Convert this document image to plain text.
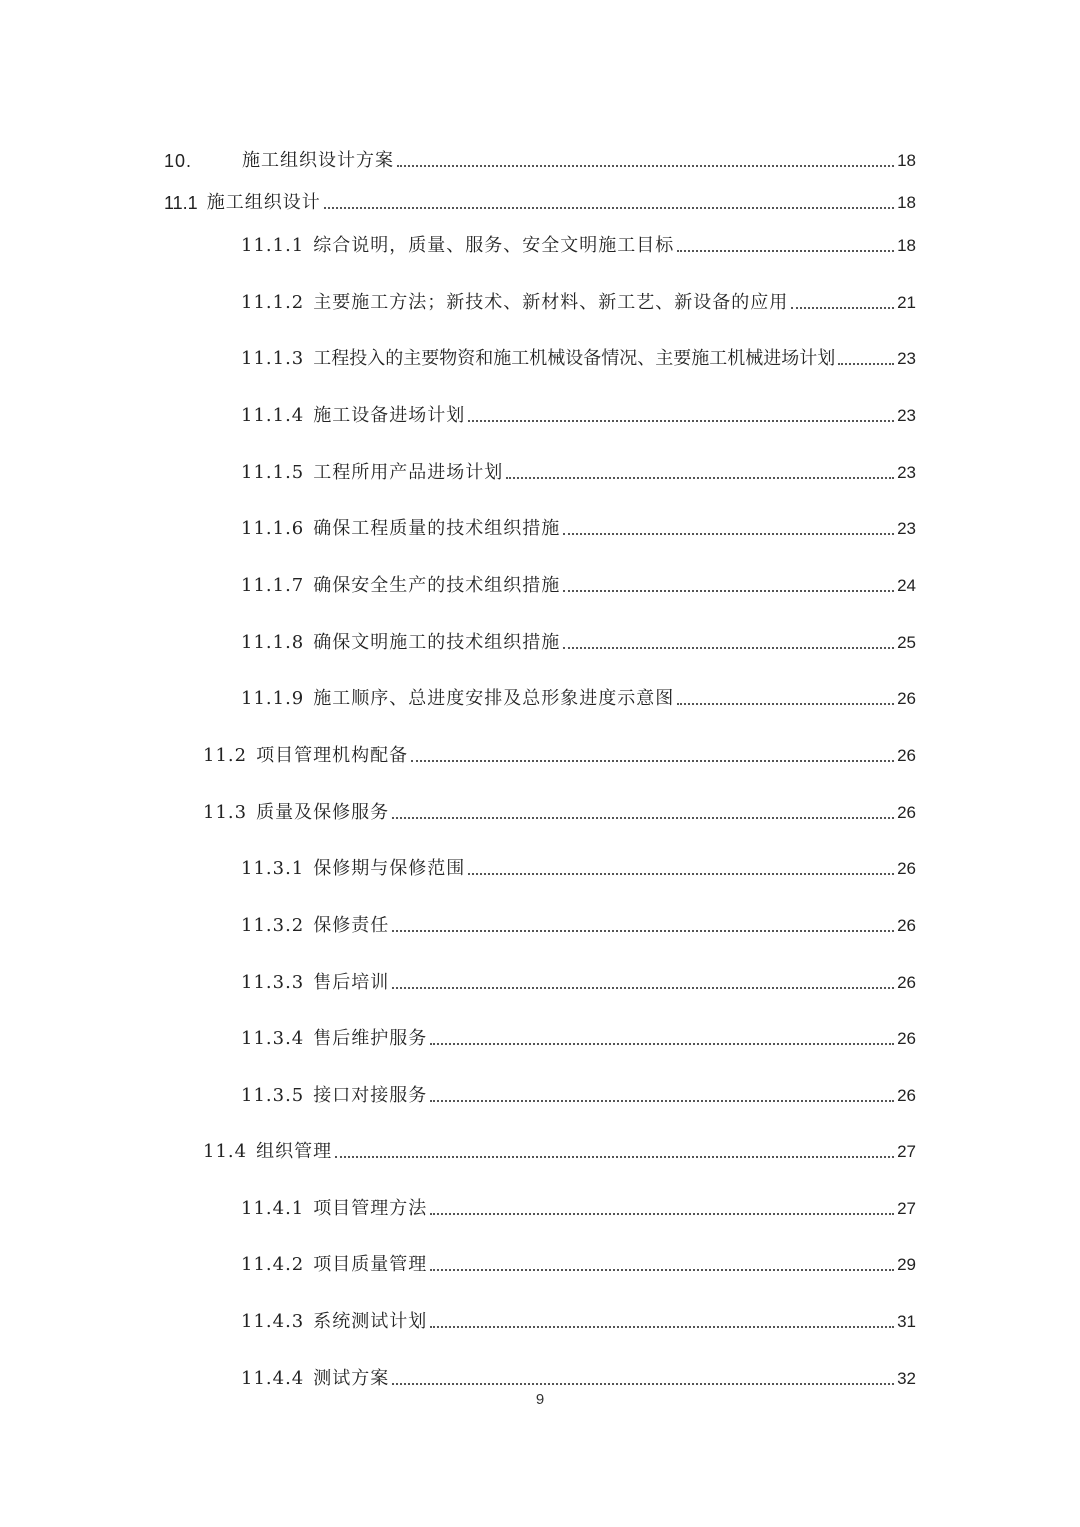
10.	施工组织设计方案	18
11.1 施工组织设计	18
11.1.1 综合说明，质量、服务、安全文明施工目标	18
11.1.2 主要施工方法；新技术、新材料、新工艺、新设备的应用	21
11.1.3 工程投入的主要物资和施工机械设备情况、主要施工机械进场计划	23
11.1.4 施工设备进场计划	23
11.1.5 工程所用产品进场计划	23
11.1.6 确保工程质量的技术组织措施	23
11.1.7 确保安全生产的技术组织措施	24
11.1.8 确保文明施工的技术组织措施	25
11.1.9 施工顺序、总进度安排及总形象进度示意图	26
11.2 项目管理机构配备	26
11.3 质量及保修服务	26
11.3.1 保修期与保修范围	26
11.3.2 保修责任	26
11.3.3 售后培训	26
11.3.4 售后维护服务	26
11.3.5 接口对接服务	26
11.4 组织管理	27
11.4.1 项目管理方法	27
11.4.2 项目质量管理	29
11.4.3 系统测试计划	31
11.4.4 测试方案	32
9
